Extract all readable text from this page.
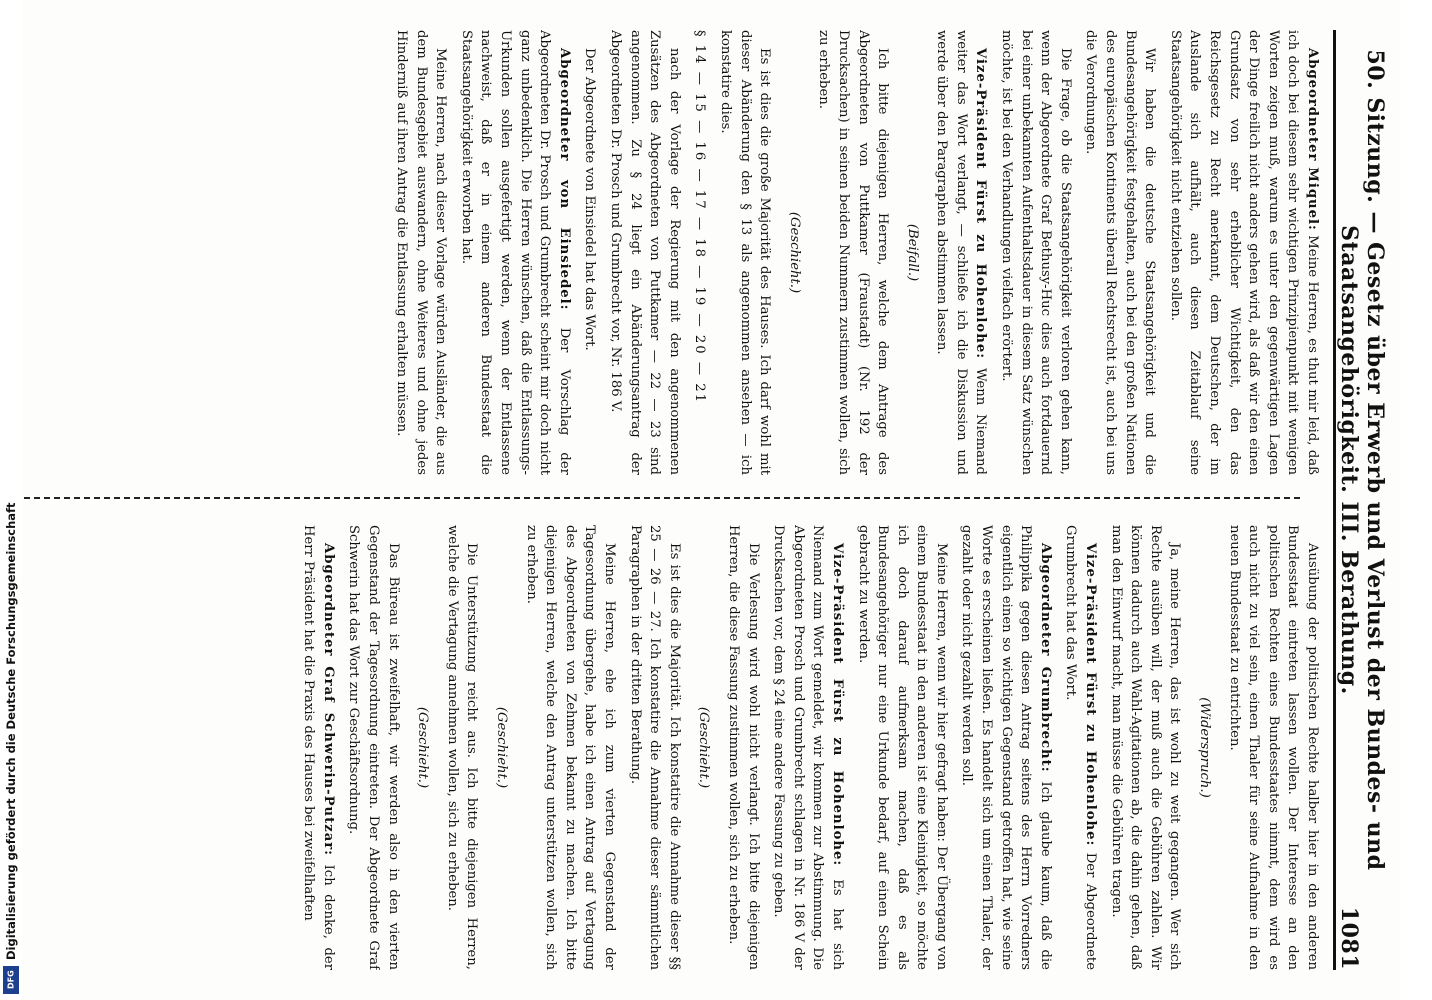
50. Sitzung. — Gesetz über Erwerb und Verlust der Bundes- und Staatsangehörigkeit. III. Berathung.
1081

Abgeordneter Miquel: Meine Herren, es thut mir leid, daß ich doch bei diesem sehr wichtigen Prinzipienpunkt mit wenigen Worten zeigen muß, warum es unter den gegenwärtigen Lagen der Dinge freilich nicht anders gehen wird, als daß wir den einen Grundsatz von sehr erheblicher Wichtigkeit, den das Reichsgesetz zu Recht anerkannt, dem Deutschen, der im Auslande sich aufhält, auch diesen Zeitablauf seine Staatsangehörigkeit nicht entziehen sollen.

Wir haben die deutsche Staatsangehörigkeit und die Bundesangehörigkeit festgehalten, auch bei den großen Nationen des europäischen Kontinents überall Rechtsrecht ist, auch bei uns die Verordnungen.

Die Frage, ob die Staatsangehörigkeit verloren gehen kann, wenn der Abgeordnete Graf Bethusy-Huc dies auch fortdauernd bei einer unbekannten Aufenthaltsdauer in diesem Satz wünschen möchte, ist bei den Verhandlungen vielfach erörtert.

Vize-Präsident Fürst zu Hohenlohe: Wenn Niemand weiter das Wort verlangt, — schließe ich die Diskussion und werde über den Paragraphen abstimmen lassen.

(Beifall.)

Ich bitte diejenigen Herren, welche dem Antrage des Abgeordneten von Puttkamer (Fraustadt) (Nr. 192 der Drucksachen) in seinen beiden Nummern zustimmen wollen, sich zu erheben.

(Geschieht.)

Es ist dies die große Majorität des Hauses. Ich darf wohl mit dieser Abänderung den § 13 als angenommen ansehen — ich konstatire dies.

§ 14 — 15 — 16 — 17 — 18 — 19 — 20 — 21

nach der Vorlage der Regierung mit den angenommenen Zusätzen des Abgeordneten von Puttkamer — 22 — 23 sind angenommen. Zu § 24 liegt ein Abänderungsantrag der Abgeordneten Dr. Prosch und Grumbrecht vor, Nr. 186 V.

Der Abgeordnete von Einsiedel hat das Wort.

Abgeordneter von Einsiedel: Der Vorschlag der Abgeordneten Dr. Prosch und Grumbrecht scheint mir doch nicht ganz unbedenklich. Die Herren wünschen, daß die Entlassungs-Urkunden sollen ausgefertigt werden, wenn der Entlassene nachweist, daß er in einem anderen Bundesstaat die Staatsangehörigkeit erworben hat.

Meine Herren, nach dieser Vorlage würden Ausländer, die aus dem Bundesgebiet auswandern, ohne Weiteres und ohne jedes Hinderniß auf ihren Antrag die Entlassung erhalten müssen.

Ausübung der politischen Rechte halber hier in den anderen Bundesstaat eintreten lassen wollen. Der Interesse an den politischen Rechten eines Bundesstaates nimmt, dem wird es auch nicht zu viel sein, einen Thaler für seine Aufnahme in den neuen Bundesstaat zu entrichten.

(Widerspruch.)

Ja, meine Herren, das ist wohl zu weit gegangen. Wer sich Rechte ausüben will, der muß auch die Gebühren zahlen. Wir können dadurch auch Wahl-Agitationen ab, die dahin gehen, daß man den Einwurf macht, man müsse die Gebühren tragen.

Vize-Präsident Fürst zu Hohenlohe: Der Abgeordnete Grumbrecht hat das Wort.

Abgeordneter Grumbrecht: Ich glaube kaum, daß die Philippika gegen diesen Antrag seitens des Herrn Vorredners eigentlich einen so wichtigen Gegenstand getroffen hat, wie seine Worte es erscheinen ließen. Es handelt sich um einen Thaler, der gezahlt oder nicht gezahlt werden soll.

Meine Herren, wenn wir hier gefragt haben: Der Übergang von einem Bundesstaat in den anderen ist eine Kleinigkeit, so möchte ich doch darauf aufmerksam machen, daß es als Bundesangehöriger nur eine Urkunde bedarf, auf einen Schein gebracht zu werden.

Vize-Präsident Fürst zu Hohenlohe: Es hat sich Niemand zum Wort gemeldet, wir kommen zur Abstimmung. Die Abgeordneten Prosch und Grumbrecht schlagen in Nr. 186 V der Drucksachen vor, dem § 24 eine andere Fassung zu geben.

Die Verlesung wird wohl nicht verlangt. Ich bitte diejenigen Herren, die diese Fassung zustimmen wollen, sich zu erheben.

(Geschieht.)

Es ist dies die Majorität. Ich konstatire die Annahme dieser §§ 25 — 26 — 27. Ich konstatire die Annahme dieser sämmtlichen Paragraphen in der dritten Berathung.

Meine Herren, ehe ich zum vierten Gegenstand der Tagesordnung übergehe, habe ich einen Antrag auf Vertagung des Abgeordneten von Zehmen bekannt zu machen. Ich bitte diejenigen Herren, welche den Antrag unterstützen wollen, sich zu erheben.

(Geschieht.)

Die Unterstützung reicht aus. Ich bitte diejenigen Herren, welche die Vertagung annehmen wollen, sich zu erheben.

(Geschieht.)

Das Büreau ist zweifelhaft, wir werden also in den vierten Gegenstand der Tagesordnung eintreten. Der Abgeordnete Graf Schwerin hat das Wort zur Geschäftsordnung.

Abgeordneter Graf Schwerin-Putzar: Ich denke, der Herr Präsident hat die Praxis des Hauses bei zweifelhaften

Digitalisierung gefördert durch die Deutsche Forschungsgemeinschaft
DFG
